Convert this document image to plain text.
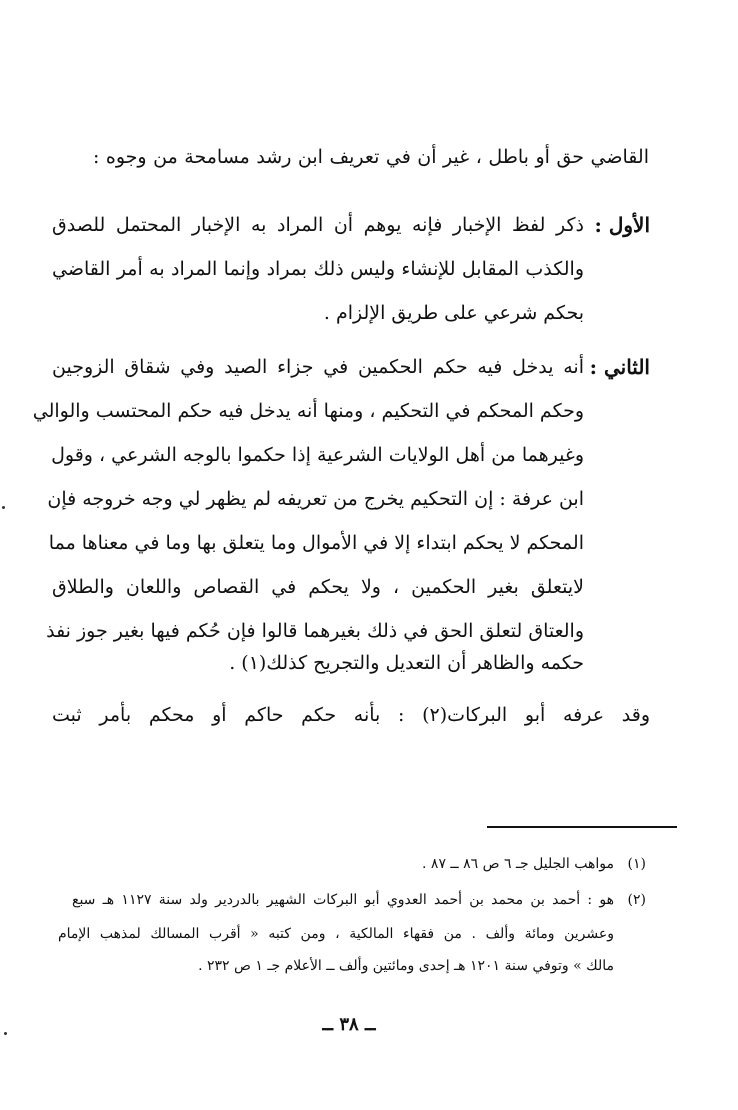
القاضي حق أو باطل ، غير أن في تعريف ابن رشد مسامحة من وجوه :
الأول :
ذكر لفظ الإخبار فإنه يوهم أن المراد به الإخبار المحتمل للصدق
والكذب المقابل للإنشاء وليس ذلك بمراد وإنما المراد به أمر القاضي
بحكم شرعي على طريق الإلزام .
الثاني :
أنه يدخل فيه حكم الحكمين في جزاء الصيد وفي شقاق الزوجين
وحكم المحكم في التحكيم ، ومنها أنه يدخل فيه حكم المحتسب والوالي
وغيرهما من أهل الولايات الشرعية إذا حكموا بالوجه الشرعي ، وقول
ابن عرفة : إن التحكيم يخرج من تعريفه لم يظهر لي وجه خروجه فإن
المحكم لا يحكم ابتداء إلا في الأموال وما يتعلق بها وما في معناها مما
لايتعلق بغير الحكمين ، ولا يحكم في القصاص واللعان والطلاق
والعتاق لتعلق الحق في ذلك بغيرهما قالوا فإن حُكم فيها بغير جوز نفذ
حكمه والظاهر أن التعديل والتجريح كذلك(١) .
وقد عرفه أبو البركات(٢) : بأنه حكم حاكم أو محكم بأمر ثبت
(١)
مواهب الجليل جـ ٦ ص ٨٦ ــ ٨٧ .
(٢)
هو : أحمد بن محمد بن أحمد العدوي أبو البركات الشهير بالدردير ولد سنة ١١٢٧ هـ سبع
وعشرين ومائة وألف . من فقهاء المالكية ، ومن كتبه « أقرب المسالك لمذهب الإمام
مالك » وتوفي سنة ١٢٠١ هـ إحدى ومائتين وألف ــ الأعلام جـ ١ ص ٢٣٢ .
ــ ٣٨ ــ
